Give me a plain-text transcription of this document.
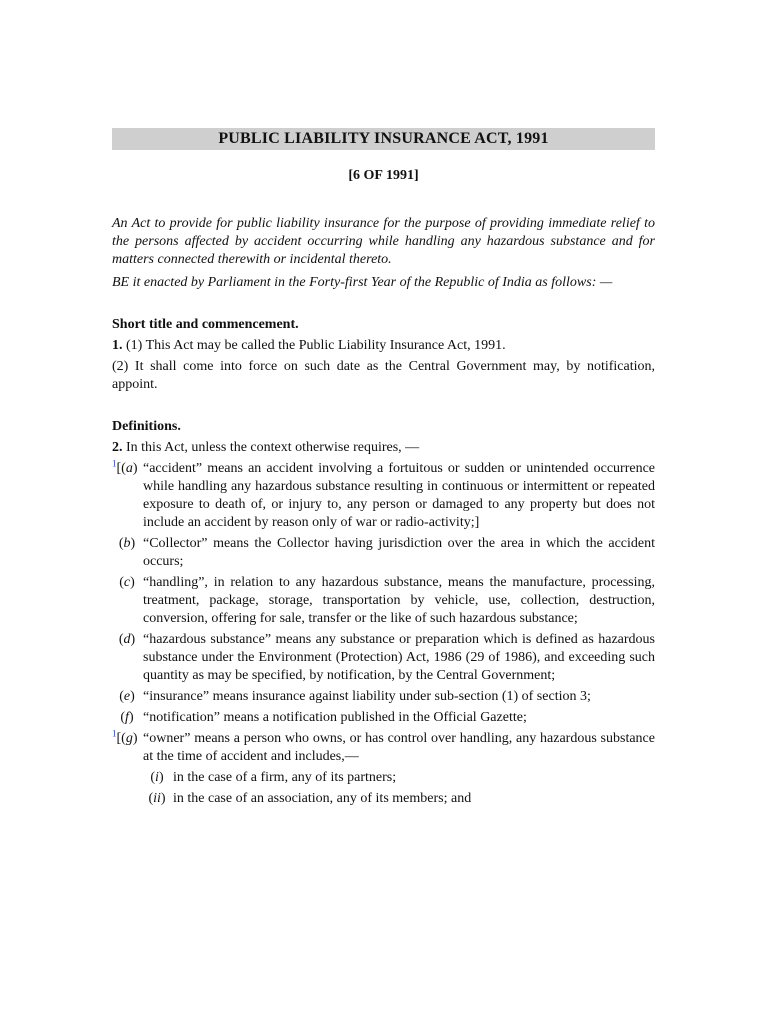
PUBLIC LIABILITY INSURANCE ACT, 1991
[6 OF 1991]

An Act to provide for public liability insurance for the purpose of providing immediate relief to the persons affected by accident occurring while handling any hazardous substance and for matters connected therewith or incidental thereto.

BE it enacted by Parliament in the Forty-first Year of the Republic of India as follows: —

Short title and commencement.

1. (1) This Act may be called the Public Liability Insurance Act, 1991.

(2) It shall come into force on such date as the Central Government may, by notification, appoint.

Definitions.

2. In this Act, unless the context otherwise requires, —

$^1$[(a) “accident” means an accident involving a fortuitous or sudden or unintended occurrence while handling any hazardous substance resulting in continuous or intermittent or repeated exposure to death of, or injury to, any person or damaged to any property but does not include an accident by reason only of war or radio-activity;]
(b) “Collector” means the Collector having jurisdiction over the area in which the accident occurs;
(c) “handling”, in relation to any hazardous substance, means the manufacture, processing, treatment, package, storage, transportation by vehicle, use, collection, destruction, conversion, offering for sale, transfer or the like of such hazardous substance;
(d) “hazardous substance” means any substance or preparation which is defined as hazardous substance under the Environment (Protection) Act, 1986 (29 of 1986), and exceeding such quantity as may be specified, by notification, by the Central Government;
(e) “insurance” means insurance against liability under sub-section (1) of section 3;
(f) “notification” means a notification published in the Official Gazette;
$^1$[(g) “owner” means a person who owns, or has control over handling, any hazardous substance at the time of accident and includes,—
(i) in the case of a firm, any of its partners;
(ii) in the case of an association, any of its members; and
